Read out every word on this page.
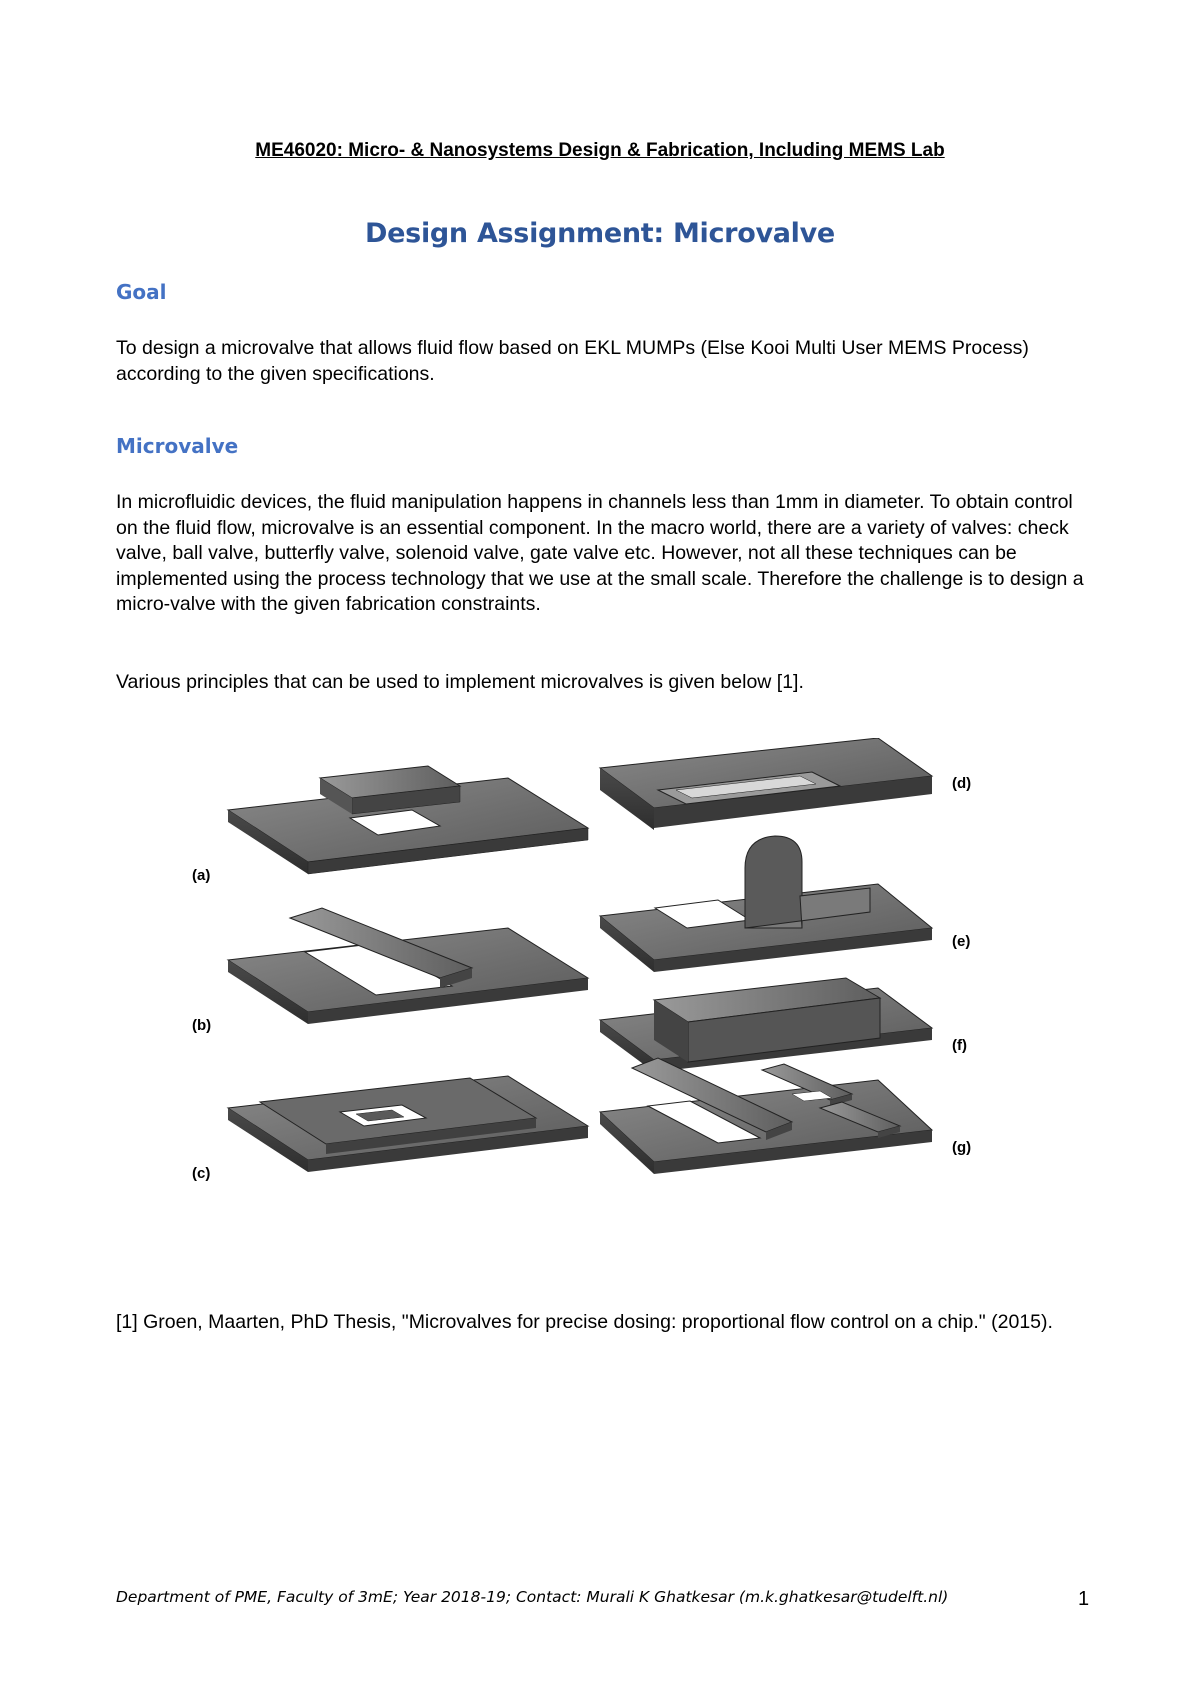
ME46020: Micro- & Nanosystems Design & Fabrication, Including MEMS Lab
Design Assignment: Microvalve
Goal
To design a microvalve that allows fluid flow based on EKL MUMPs (Else Kooi Multi User MEMS Process) according to the given specifications.
Microvalve
In microfluidic devices, the fluid manipulation happens in channels less than 1mm in diameter. To obtain control on the fluid flow, microvalve is an essential component. In the macro world, there are a variety of valves: check valve, ball valve, butterfly valve, solenoid valve, gate valve etc. However, not all these techniques can be implemented using the process technology that we use at the small scale. Therefore the challenge is to design a micro-valve with the given fabrication constraints.
Various principles that can be used to implement microvalves is given below [1].
(a)
(b)
(c)
(d)
(e)
(f)
(g)
[1] Groen, Maarten, PhD Thesis, "Microvalves for precise dosing: proportional flow control on a chip." (2015).
Department of PME, Faculty of 3mE; Year 2018-19; Contact: Murali K Ghatkesar (m.k.ghatkesar@tudelft.nl)	1
